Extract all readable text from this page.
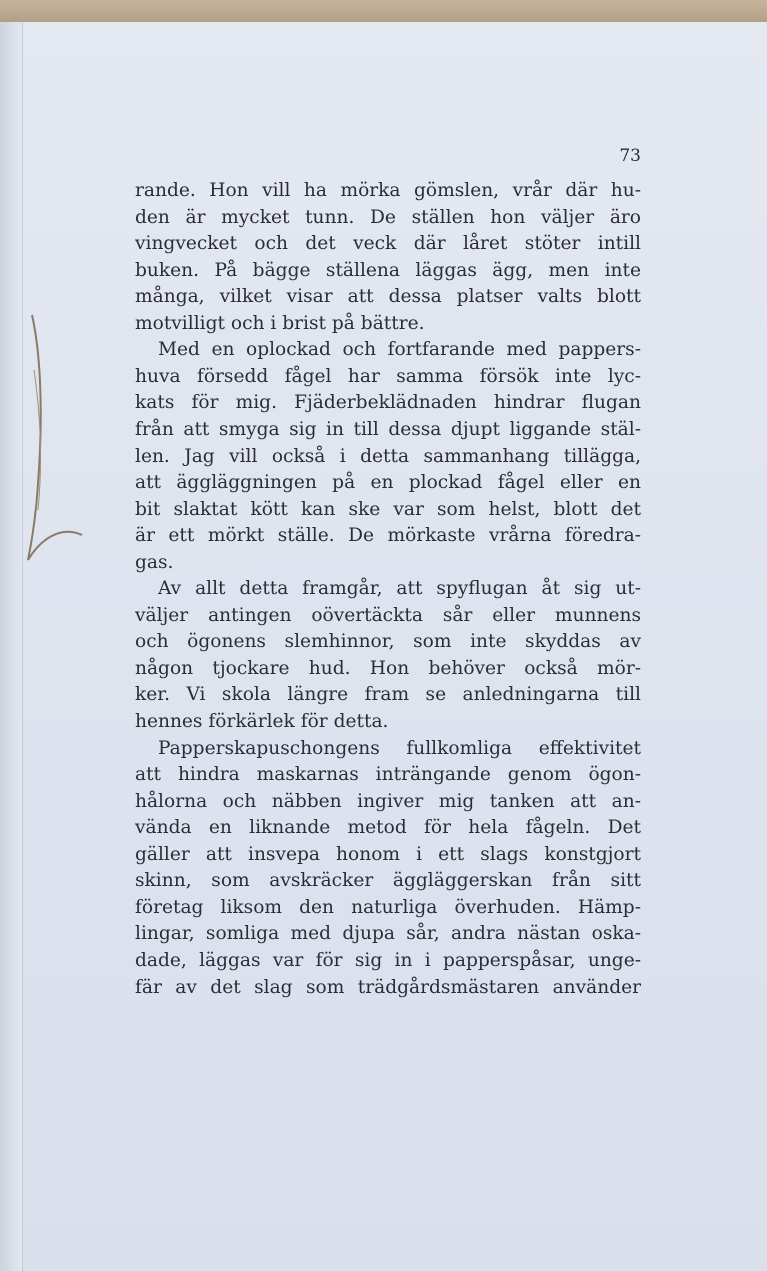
73
rande. Hon vill ha mörka gömslen, vrår där hu-
den är mycket tunn. De ställen hon väljer äro
vingvecket och det veck där låret stöter intill
buken. På bägge ställena läggas ägg, men inte
många, vilket visar att dessa platser valts blott
motvilligt och i brist på bättre.
Med en oplockad och fortfarande med pappers-
huva försedd fågel har samma försök inte lyc-
kats för mig. Fjäderbeklädnaden hindrar flugan
från att smyga sig in till dessa djupt liggande stäl-
len. Jag vill också i detta sammanhang tillägga,
att äggläggningen på en plockad fågel eller en
bit slaktat kött kan ske var som helst, blott det
är ett mörkt ställe. De mörkaste vrårna föredra-
gas.
Av allt detta framgår, att spyflugan åt sig ut-
väljer antingen oövertäckta sår eller munnens
och ögonens slemhinnor, som inte skyddas av
någon tjockare hud. Hon behöver också mör-
ker. Vi skola längre fram se anledningarna till
hennes förkärlek för detta.
Papperskapuschongens fullkomliga effektivitet
att hindra maskarnas inträngande genom ögon-
hålorna och näbben ingiver mig tanken att an-
vända en liknande metod för hela fågeln. Det
gäller att insvepa honom i ett slags konstgjort
skinn, som avskräcker äggläggerskan från sitt
företag liksom den naturliga överhuden. Hämp-
lingar, somliga med djupa sår, andra nästan oska-
dade, läggas var för sig in i papperspåsar, unge-
fär av det slag som trädgårdsmästaren använder
